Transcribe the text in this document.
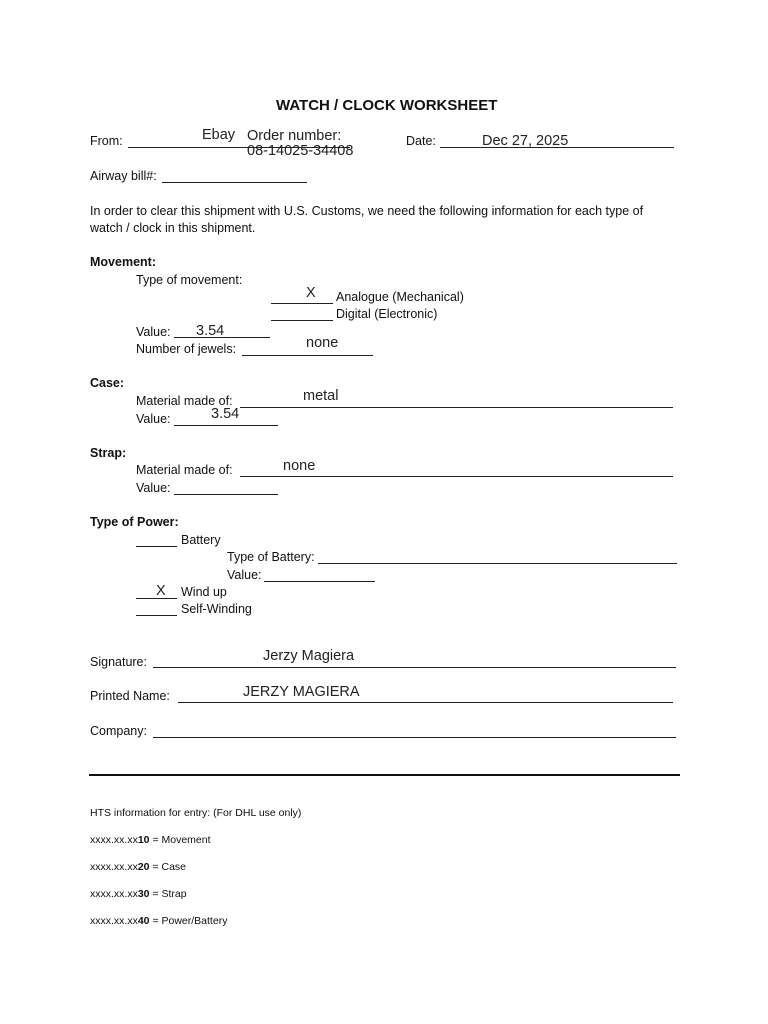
WATCH / CLOCK WORKSHEET
From:	Ebay Order number:
08-14025-34408
Date:	Dec 27, 2025
Airway bill#:
In order to clear this shipment with U.S. Customs, we need the following information for each type of
watch / clock in this shipment.
Movement:
Type of movement:
X Analogue (Mechanical)
Digital (Electronic)
Value: 3.54
Number of jewels:	none
Case:
Material made of:	metal
Value:	3.54
Strap:
Material made of:	none
Value:
Type of Power:
Battery
Type of Battery:
Value:
X Wind up
Self-Winding
Signature:	Jerzy Magiera
Printed Name:	JERZY MAGIERA
Company:
HTS information for entry: (For DHL use only)
xxxx.xx.xx10 = Movement
xxxx.xx.xx20 = Case
xxxx.xx.xx30 = Strap
xxxx.xx.xx40 = Power/Battery
